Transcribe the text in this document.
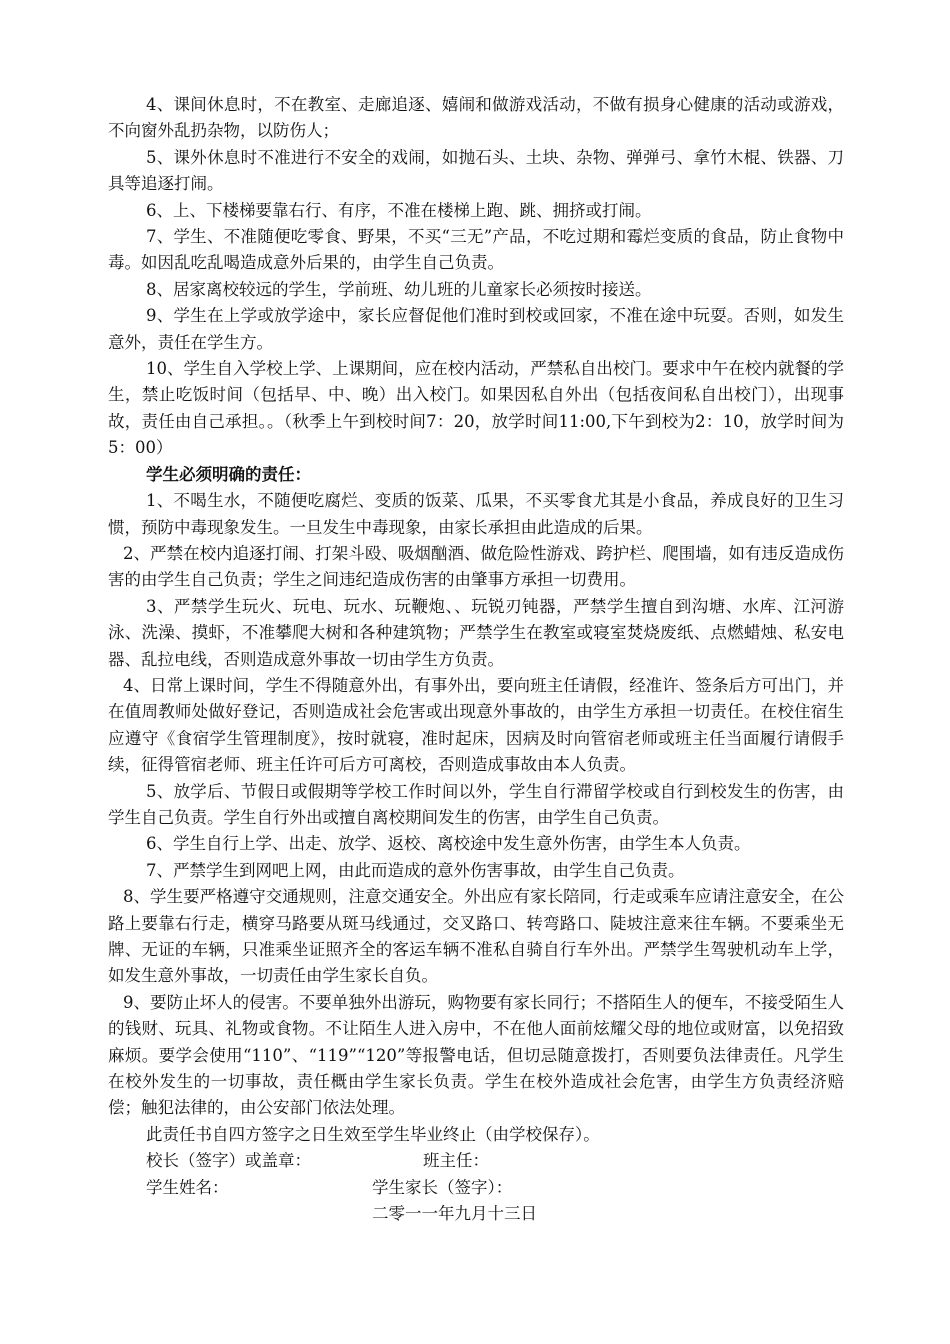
4、课间休息时，不在教室、走廊追逐、嬉闹和做游戏活动，不做有损身心健康的活动或游戏，不向窗外乱扔杂物，以防伤人；

5、课外休息时不准进行不安全的戏闹，如抛石头、土块、杂物、弹弹弓、拿竹木棍、铁器、刀具等追逐打闹。

6、上、下楼梯要靠右行、有序，不准在楼梯上跑、跳、拥挤或打闹。

7、学生、不准随便吃零食、野果，不买“三无”产品，不吃过期和霉烂变质的食品，防止食物中毒。如因乱吃乱喝造成意外后果的，由学生自己负责。

8、居家离校较远的学生，学前班、幼儿班的儿童家长必须按时接送。

9、学生在上学或放学途中，家长应督促他们准时到校或回家，不准在途中玩耍。否则，如发生意外，责任在学生方。

10、学生自入学校上学、上课期间，应在校内活动，严禁私自出校门。要求中午在校内就餐的学生，禁止吃饭时间（包括早、中、晚）出入校门。如果因私自外出（包括夜间私自出校门），出现事故，责任由自己承担。。（秋季上午到校时间7：20，放学时间11:00,下午到校为2：10，放学时间为5：00）

学生必须明确的责任：

1、不喝生水，不随便吃腐烂、变质的饭菜、瓜果，不买零食尤其是小食品，养成良好的卫生习惯，预防中毒现象发生。一旦发生中毒现象，由家长承担由此造成的后果。

2、严禁在校内追逐打闹、打架斗殴、吸烟酗酒、做危险性游戏、跨护栏、爬围墙，如有违反造成伤害的由学生自己负责；学生之间违纪造成伤害的由肇事方承担一切费用。

3、严禁学生玩火、玩电、玩水、玩鞭炮、、玩锐刃钝器，严禁学生擅自到沟塘、水库、江河游泳、洗澡、摸虾，不准攀爬大树和各种建筑物；严禁学生在教室或寝室焚烧废纸、点燃蜡烛、私安电器、乱拉电线，否则造成意外事故一切由学生方负责。

4、日常上课时间，学生不得随意外出，有事外出，要向班主任请假，经准许、签条后方可出门，并在值周教师处做好登记，否则造成社会危害或出现意外事故的，由学生方承担一切责任。在校住宿生应遵守《食宿学生管理制度》，按时就寝，准时起床，因病及时向管宿老师或班主任当面履行请假手续，征得管宿老师、班主任许可后方可离校，否则造成事故由本人负责。

5、放学后、节假日或假期等学校工作时间以外，学生自行滞留学校或自行到校发生的伤害，由学生自己负责。学生自行外出或擅自离校期间发生的伤害，由学生自己负责。

6、学生自行上学、出走、放学、返校、离校途中发生意外伤害，由学生本人负责。

7、严禁学生到网吧上网，由此而造成的意外伤害事故，由学生自己负责。

8、学生要严格遵守交通规则，注意交通安全。外出应有家长陪同，行走或乘车应请注意安全，在公路上要靠右行走，横穿马路要从斑马线通过，交叉路口、转弯路口、陡坡注意来往车辆。不要乘坐无牌、无证的车辆，只准乘坐证照齐全的客运车辆不准私自骑自行车外出。严禁学生驾驶机动车上学，如发生意外事故，一切责任由学生家长自负。

9、要防止坏人的侵害。不要单独外出游玩，购物要有家长同行；不搭陌生人的便车，不接受陌生人的钱财、玩具、礼物或食物。不让陌生人进入房中，不在他人面前炫耀父母的地位或财富，以免招致麻烦。要学会使用“110”、“119”“120”等报警电话，但切忌随意拨打，否则要负法律责任。凡学生在校外发生的一切事故，责任概由学生家长负责。学生在校外造成社会危害，由学生方负责经济赔偿；触犯法律的，由公安部门依法处理。

此责任书自四方签字之日生效至学生毕业终止（由学校保存）。

校长（签字）或盖章：	班主任：
学生姓名：	学生家长（签字）：
二零一一年九月十三日
